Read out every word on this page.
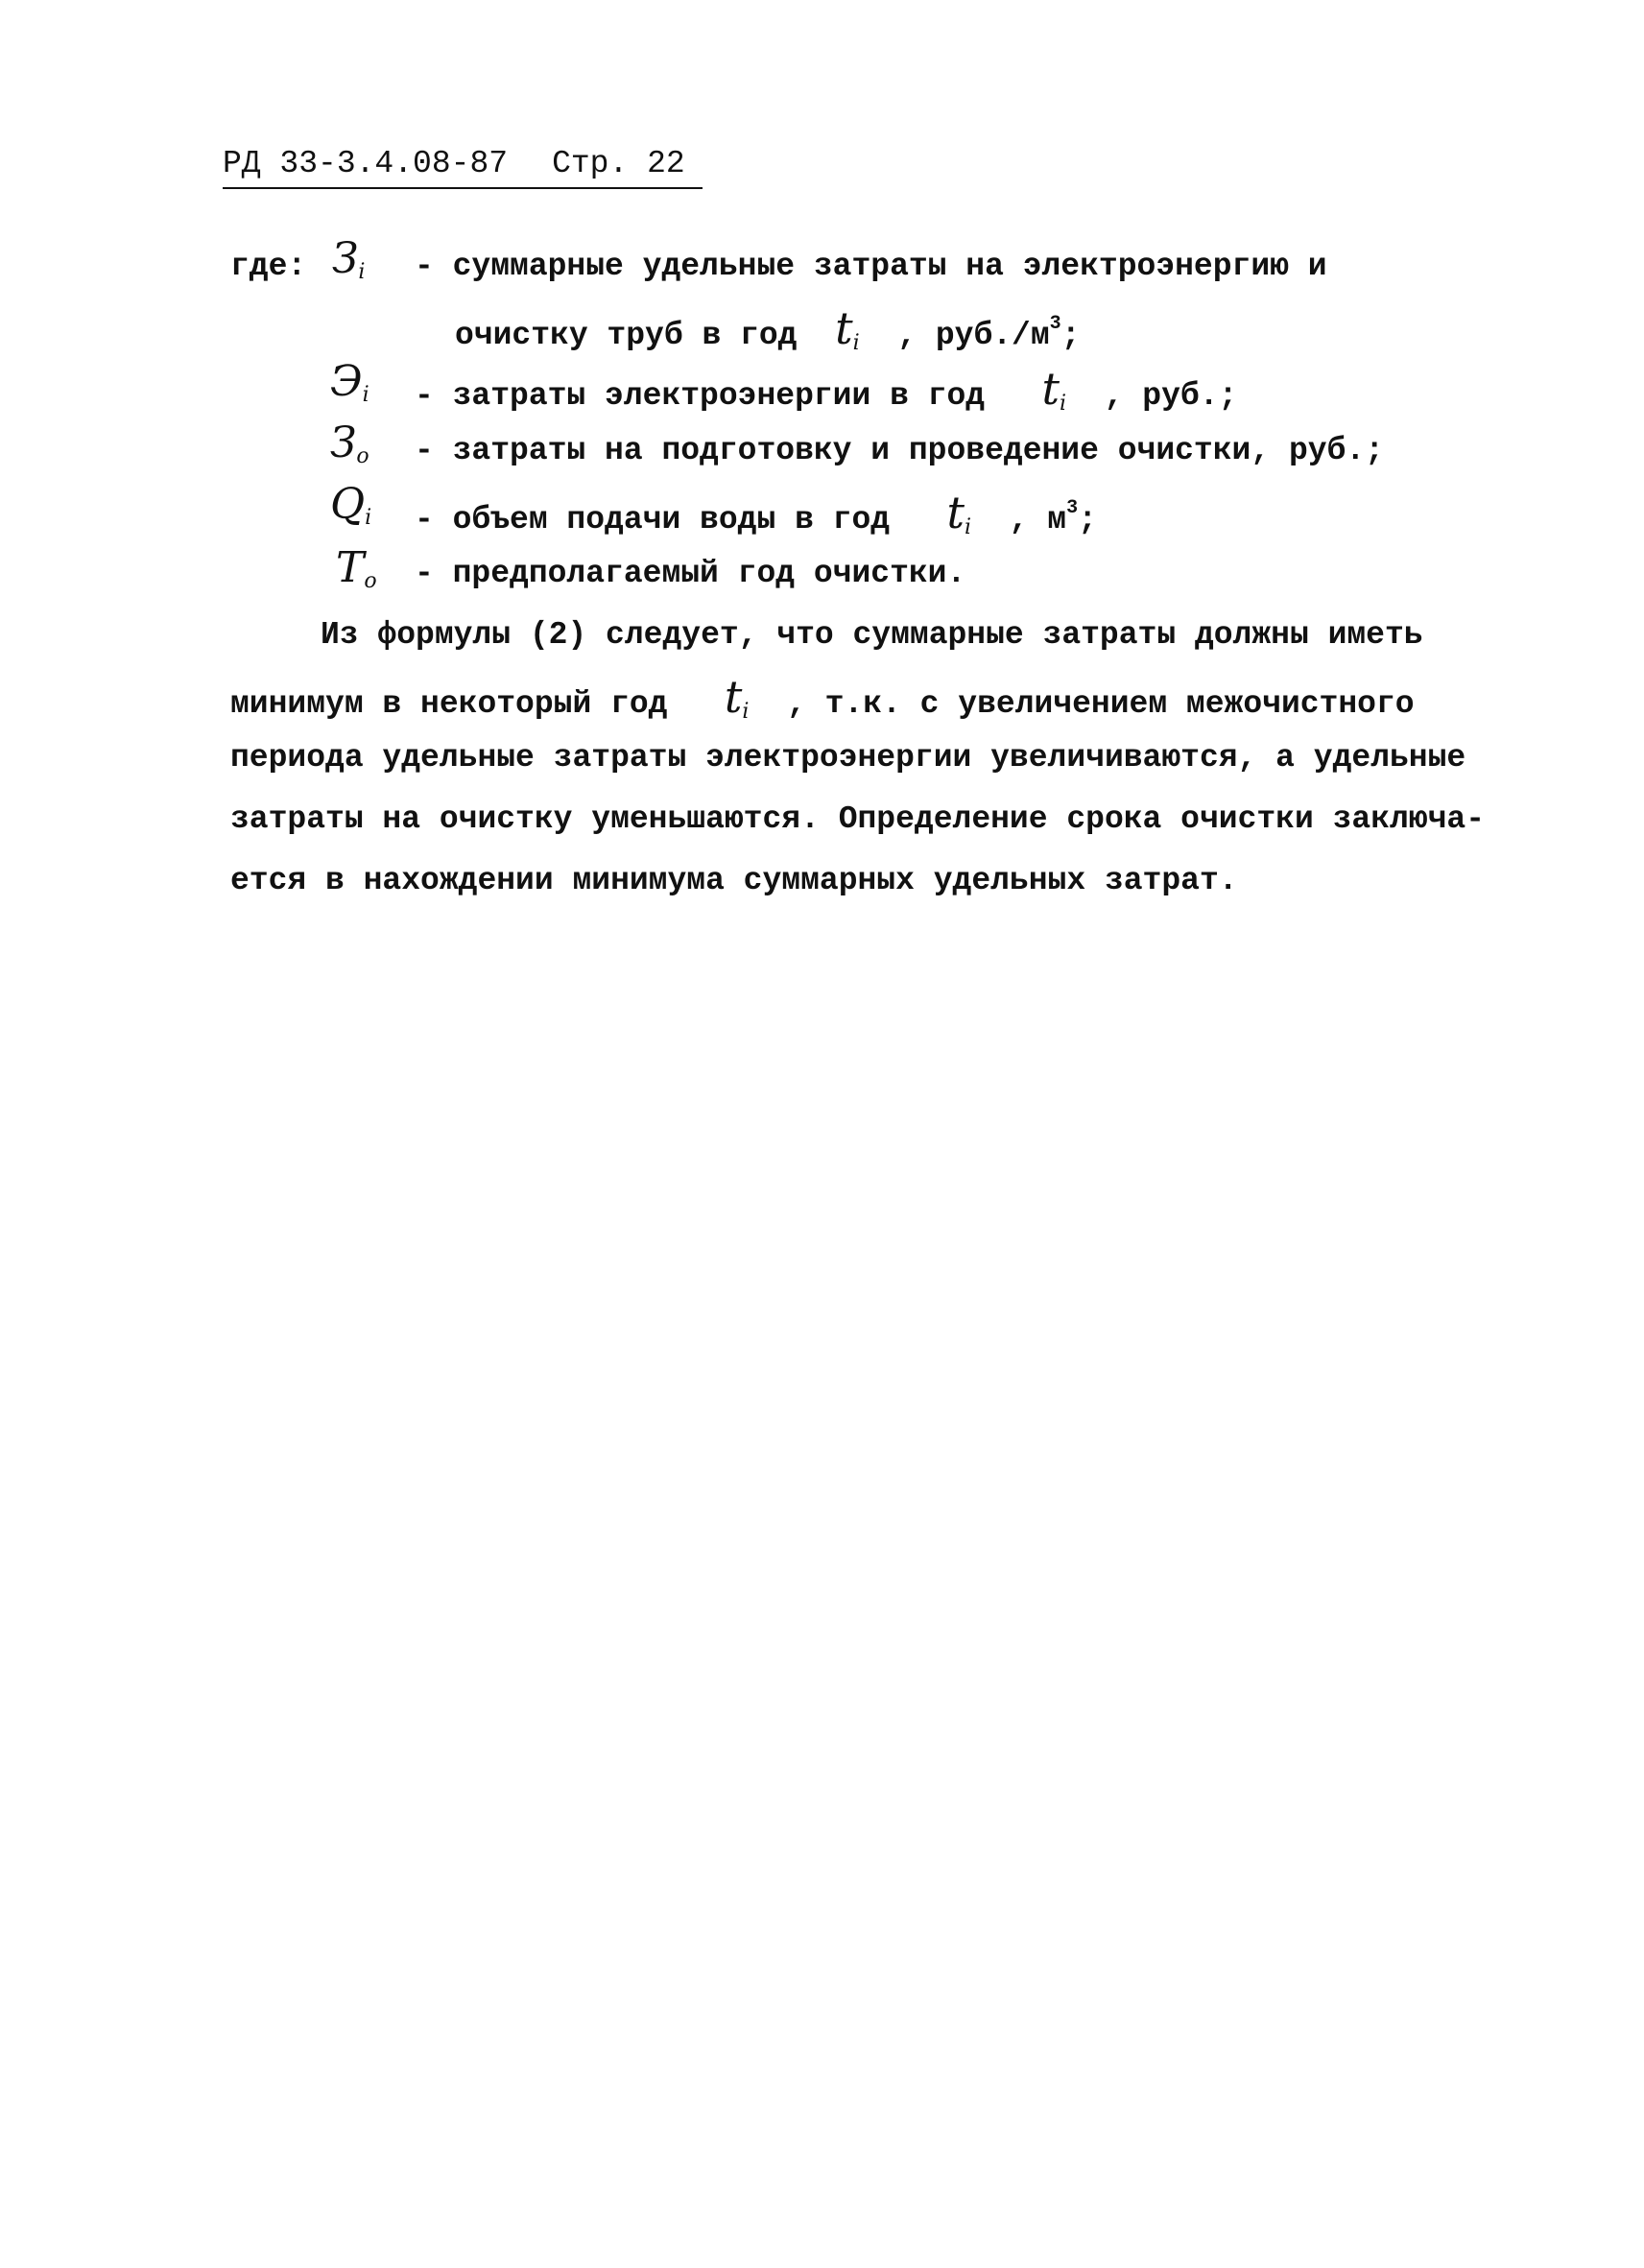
РД 33-3.4.08-87 Стр. 22
где: Зi - суммарные удельные затраты на электроэнергию и
очистку труб в год $t_i$ , $руб./м^3$;
Эi - затраты электроэнергии в год $t_i$ , руб.;
Зo - затраты на подготовку и проведение очистки, руб.;
Qi - объем подачи воды в год $t_i$ , $м^3$;
To - предполагаемый год очистки.
Из формулы (2) следует, что суммарные затраты должны иметь
минимум в некоторый год $t_i$ , т.к. с увеличением межочистного
периода удельные затраты электроэнергии увеличиваются, а удельные
затраты на очистку уменьшаются. Определение срока очистки заключа-
ется в нахождении минимума суммарных удельных затрат.
